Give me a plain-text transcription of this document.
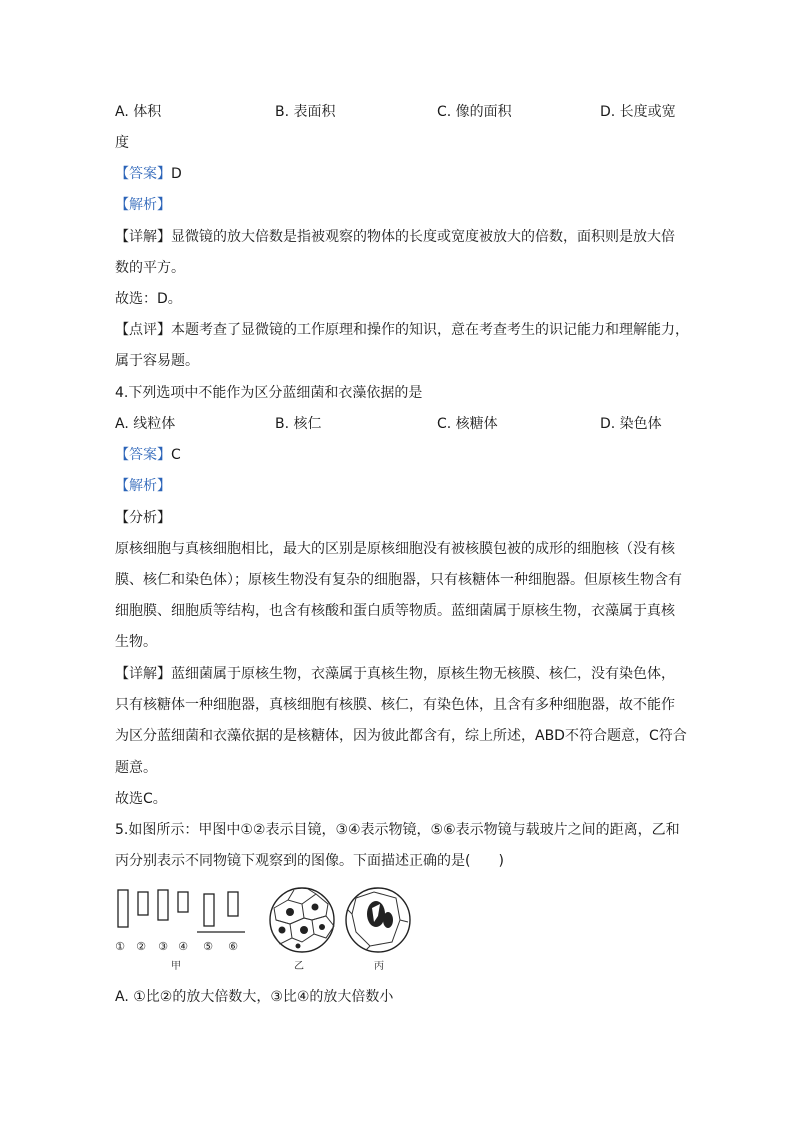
A. 体积	B. 表面积	C. 像的面积	D. 长度或宽
度
【答案】D
【解析】
【详解】显微镜的放大倍数是指被观察的物体的长度或宽度被放大的倍数，面积则是放大倍
数的平方。
故选：D。
【点评】本题考查了显微镜的工作原理和操作的知识，意在考查考生的识记能力和理解能力，
属于容易题。
4.下列选项中不能作为区分蓝细菌和衣藻依据的是
A. 线粒体	B. 核仁	C. 核糖体	D. 染色体
【答案】C
【解析】
【分析】
原核细胞与真核细胞相比，最大的区别是原核细胞没有被核膜包被的成形的细胞核（没有核
膜、核仁和染色体）；原核生物没有复杂的细胞器，只有核糖体一种细胞器。但原核生物含有
细胞膜、细胞质等结构，也含有核酸和蛋白质等物质。蓝细菌属于原核生物，衣藻属于真核
生物。
【详解】蓝细菌属于原核生物，衣藻属于真核生物，原核生物无核膜、核仁，没有染色体，
只有核糖体一种细胞器，真核细胞有核膜、核仁，有染色体，且含有多种细胞器，故不能作
为区分蓝细菌和衣藻依据的是核糖体，因为彼此都含有，综上所述，ABD不符合题意，C符合
题意。
故选C。
5.如图所示：甲图中①②表示目镜，③④表示物镜，⑤⑥表示物镜与载玻片之间的距离，乙和
丙分别表示不同物镜下观察到的图像。下面描述正确的是(　　)
① ② ③ ④ ⑤ ⑥
甲	乙	丙
A. ①比②的放大倍数大，③比④的放大倍数小
